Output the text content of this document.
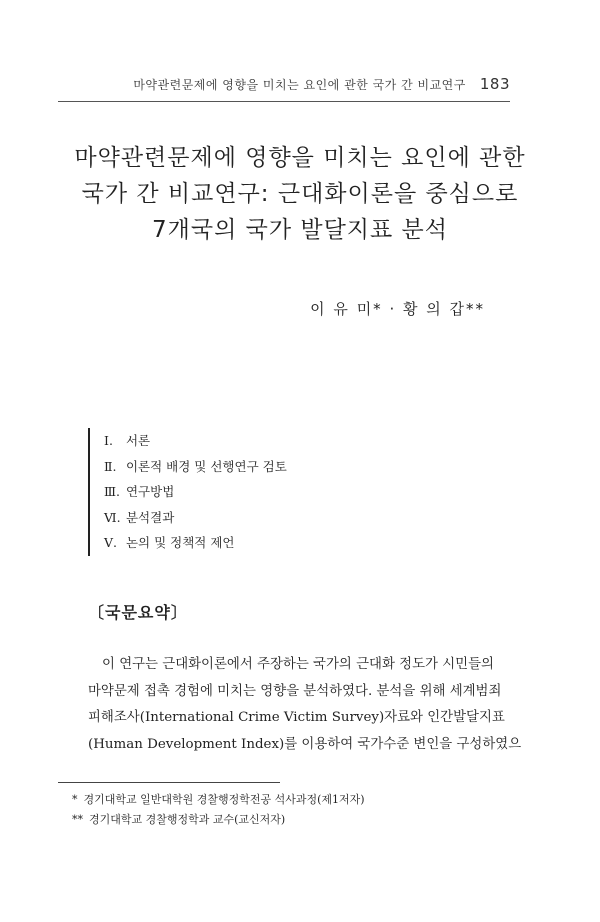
마약관련문제에 영향을 미치는 요인에 관한 국가 간 비교연구 183
마약관련문제에 영향을 미치는 요인에 관한
국가 간 비교연구: 근대화이론을 중심으로
7개국의 국가 발달지표 분석
이 유 미* · 황 의 갑**
Ⅰ. 서론
Ⅱ. 이론적 배경 및 선행연구 검토
Ⅲ. 연구방법
Ⅵ. 분석결과
Ⅴ. 논의 및 정책적 제언
〔국문요약〕
이 연구는 근대화이론에서 주장하는 국가의 근대화 정도가 시민들의
마약문제 접촉 경험에 미치는 영향을 분석하였다. 분석을 위해 세계범죄
피해조사(International Crime Victim Survey)자료와 인간발달지표
(Human Development Index)를 이용하여 국가수준 변인을 구성하였으
* 경기대학교 일반대학원 경찰행정학전공 석사과정(제1저자)
** 경기대학교 경찰행정학과 교수(교신저자)
